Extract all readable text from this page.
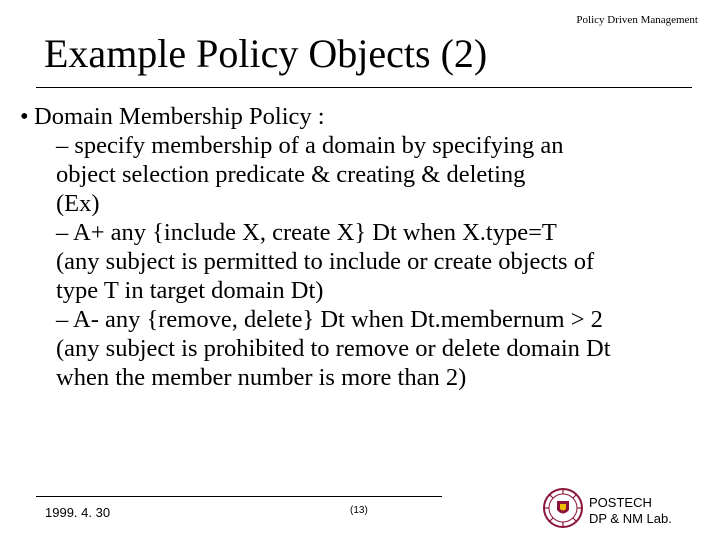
Policy Driven Management
Example Policy Objects (2)
• Domain Membership Policy :
– specify membership of a domain by specifying an
object selection predicate & creating & deleting
(Ex)
– A+ any {include X, create X} Dt when X.type=T
(any subject is permitted to include or create objects of
type T in target domain Dt)
– A- any {remove, delete} Dt when Dt.membernum > 2
(any subject is prohibited to remove or delete domain Dt
when the member number is more than 2)
1999. 4. 30	(13)
POSTECH
DP & NM Lab.
